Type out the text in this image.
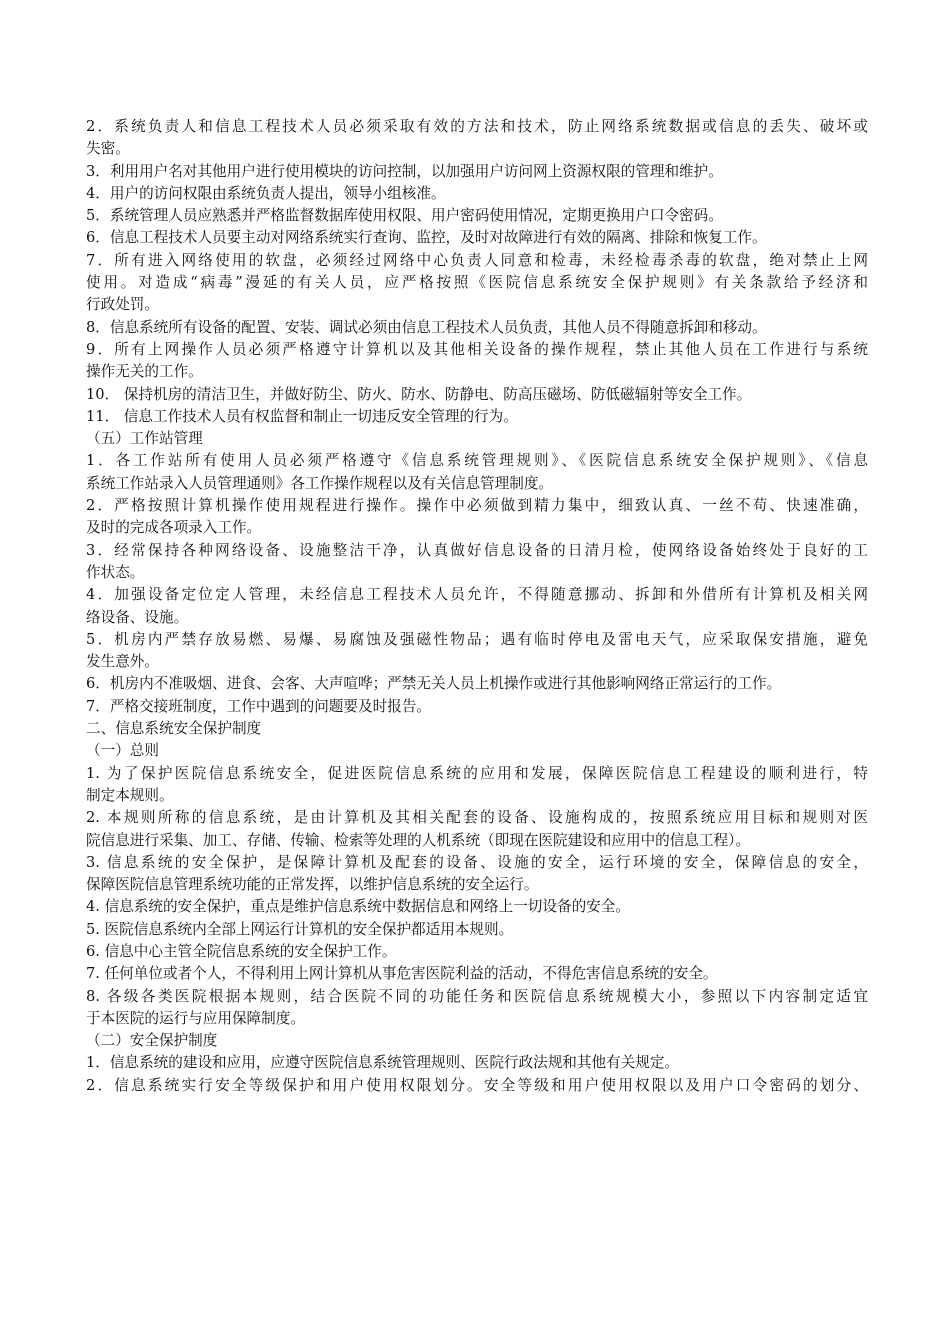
2．系统负责人和信息工程技术人员必须采取有效的方法和技术，防止网络系统数据或信息的丢失、破坏或
失密。
3．利用用户名对其他用户进行使用模块的访问控制，以加强用户访问网上资源权限的管理和维护。
4．用户的访问权限由系统负责人提出，领导小组核准。
5．系统管理人员应熟悉并严格监督数据库使用权限、用户密码使用情况，定期更换用户口令密码。
6．信息工程技术人员要主动对网络系统实行查询、监控，及时对故障进行有效的隔离、排除和恢复工作。
7．所有进入网络使用的软盘，必须经过网络中心负责人同意和检毒，未经检毒杀毒的软盘，绝对禁止上网
使用。对造成“病毒”漫延的有关人员，应严格按照《医院信息系统安全保护规则》有关条款给予经济和
行政处罚。
8．信息系统所有设备的配置、安装、调试必须由信息工程技术人员负责，其他人员不得随意拆卸和移动。
9．所有上网操作人员必须严格遵守计算机以及其他相关设备的操作规程，禁止其他人员在工作进行与系统
操作无关的工作。
10． 保持机房的清洁卫生，并做好防尘、防火、防水、防静电、防高压磁场、防低磁辐射等安全工作。
11． 信息工作技术人员有权监督和制止一切违反安全管理的行为。
（五）工作站管理
1．各工作站所有使用人员必须严格遵守《信息系统管理规则》、《医院信息系统安全保护规则》、《信息
系统工作站录入人员管理通则》各工作操作规程以及有关信息管理制度。
2．严格按照计算机操作使用规程进行操作。操作中必须做到精力集中，细致认真、一丝不苟、快速准确，
及时的完成各项录入工作。
3．经常保持各种网络设备、设施整洁干净，认真做好信息设备的日清月检，使网络设备始终处于良好的工
作状态。
4．加强设备定位定人管理，未经信息工程技术人员允许，不得随意挪动、拆卸和外借所有计算机及相关网
络设备、设施。
5．机房内严禁存放易燃、易爆、易腐蚀及强磁性物品；遇有临时停电及雷电天气，应采取保安措施，避免
发生意外。
6．机房内不准吸烟、进食、会客、大声喧哗；严禁无关人员上机操作或进行其他影响网络正常运行的工作。
7．严格交接班制度，工作中遇到的问题要及时报告。
二、信息系统安全保护制度
（一）总则
1. 为了保护医院信息系统安全，促进医院信息系统的应用和发展，保障医院信息工程建设的顺利进行，特
制定本规则。
2. 本规则所称的信息系统，是由计算机及其相关配套的设备、设施构成的，按照系统应用目标和规则对医
院信息进行采集、加工、存储、传输、检索等处理的人机系统（即现在医院建设和应用中的信息工程）。
3. 信息系统的安全保护，是保障计算机及配套的设备、设施的安全，运行环境的安全，保障信息的安全，
保障医院信息管理系统功能的正常发挥，以维护信息系统的安全运行。
4. 信息系统的安全保护，重点是维护信息系统中数据信息和网络上一切设备的安全。
5. 医院信息系统内全部上网运行计算机的安全保护都适用本规则。
6. 信息中心主管全院信息系统的安全保护工作。
7. 任何单位或者个人，不得利用上网计算机从事危害医院利益的活动，不得危害信息系统的安全。
8. 各级各类医院根据本规则，结合医院不同的功能任务和医院信息系统规模大小，参照以下内容制定适宜
于本医院的运行与应用保障制度。
（二）安全保护制度
1．信息系统的建设和应用，应遵守医院信息系统管理规则、医院行政法规和其他有关规定。
2．信息系统实行安全等级保护和用户使用权限划分。安全等级和用户使用权限以及用户口令密码的划分、
